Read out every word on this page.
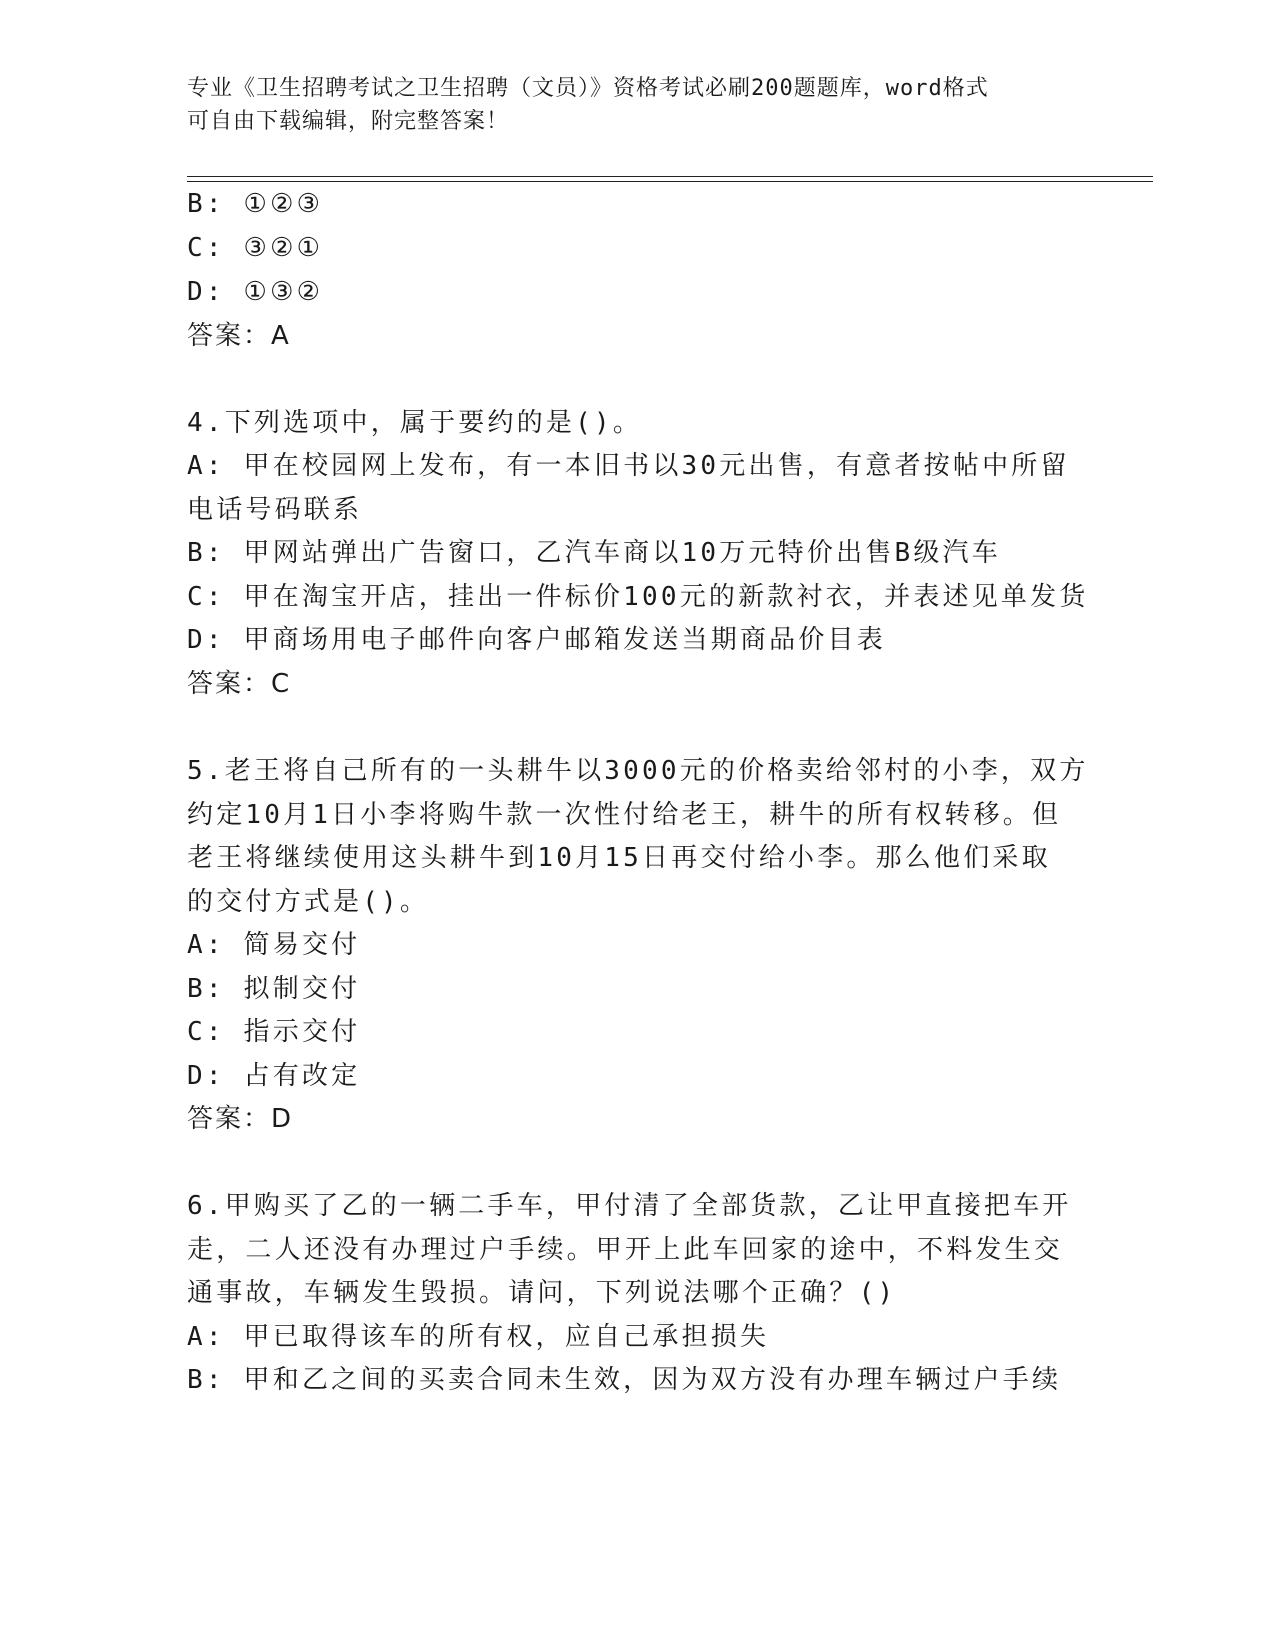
专业《卫生招聘考试之卫生招聘（文员）》资格考试必刷200题题库，word格式
可自由下载编辑，附完整答案！
B: ①②③
C: ③②①
D: ①③②
答案：A
4.下列选项中，属于要约的是()。
A: 甲在校园网上发布，有一本旧书以30元出售，有意者按帖中所留
电话号码联系
B: 甲网站弹出广告窗口，乙汽车商以10万元特价出售B级汽车
C: 甲在淘宝开店，挂出一件标价100元的新款衬衣，并表述见单发货
D: 甲商场用电子邮件向客户邮箱发送当期商品价目表
答案：C
5.老王将自己所有的一头耕牛以3000元的价格卖给邻村的小李，双方
约定10月1日小李将购牛款一次性付给老王，耕牛的所有权转移。但
老王将继续使用这头耕牛到10月15日再交付给小李。那么他们采取
的交付方式是()。
A: 简易交付
B: 拟制交付
C: 指示交付
D: 占有改定
答案：D
6.甲购买了乙的一辆二手车，甲付清了全部货款，乙让甲直接把车开
走，二人还没有办理过户手续。甲开上此车回家的途中，不料发生交
通事故，车辆发生毁损。请问，下列说法哪个正确？()
A: 甲已取得该车的所有权，应自己承担损失
B: 甲和乙之间的买卖合同未生效，因为双方没有办理车辆过户手续
